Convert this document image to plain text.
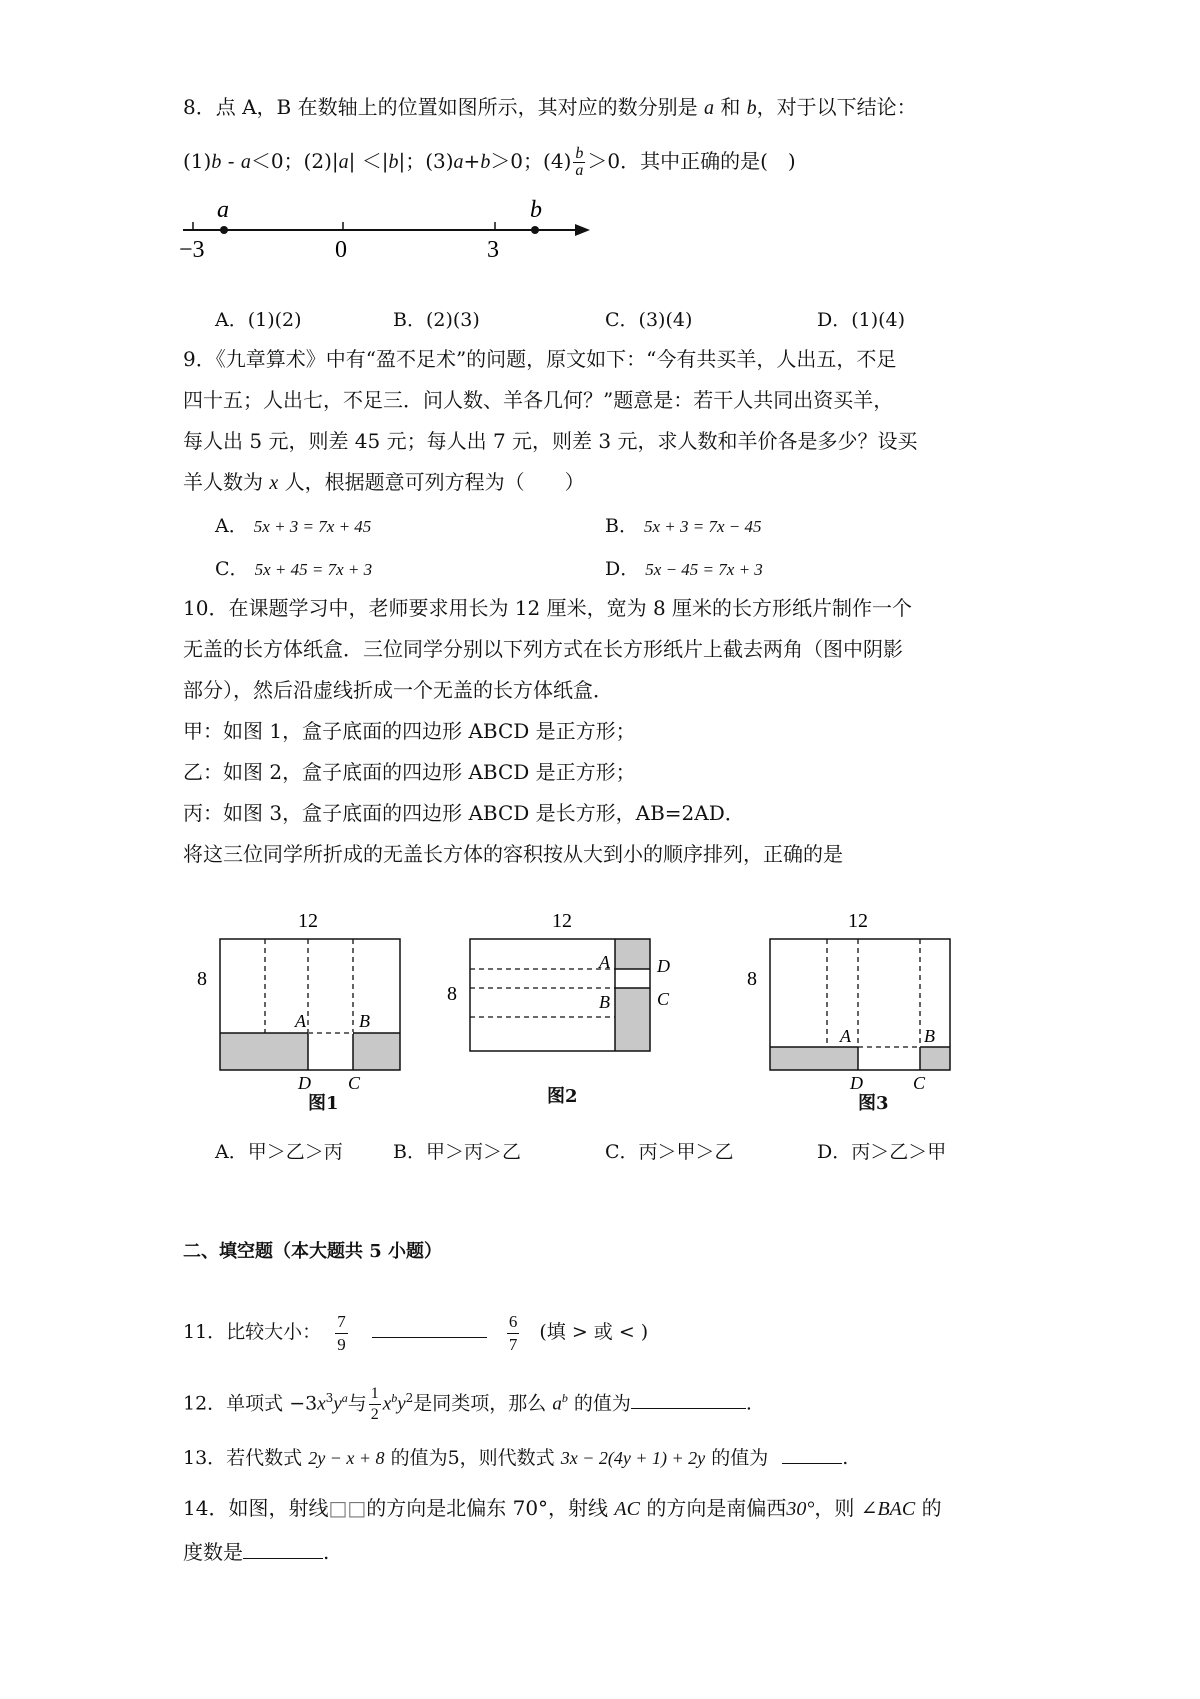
8．点 A，B 在数轴上的位置如图所示，其对应的数分别是 a 和 b，对于以下结论：
(1)b - a＜0；(2)|a| ＜|b|；(3)a+b＞0；$(4) \frac{b}{a} >0$．其中正确的是(　)
a	b
−3	0	3
A．(1)(2)	B．(2)(3)	C．(3)(4)	D．(1)(4)
9．《九章算术》中有“盈不足术”的问题，原文如下：“今有共买羊，人出五，不足
四十五；人出七，不足三．问人数、羊各几何？”题意是：若干人共同出资买羊，
每人出 5 元，则差 45 元；每人出 7 元，则差 3 元，求人数和羊价各是多少？设买
羊人数为 x 人，根据题意可列方程为（　　）
A． 5x + 3 = 7x + 45	B． 5x + 3 = 7x − 45
C． 5x + 45 = 7x + 3	D． 5x − 45 = 7x + 3
10．在课题学习中，老师要求用长为 12 厘米，宽为 8 厘米的长方形纸片制作一个
无盖的长方体纸盒．三位同学分别以下列方式在长方形纸片上截去两角（图中阴影
部分），然后沿虚线折成一个无盖的长方体纸盒．
甲：如图 1，盒子底面的四边形 ABCD 是正方形；
乙：如图 2，盒子底面的四边形 ABCD 是正方形；
丙：如图 3，盒子底面的四边形 ABCD 是长方形，AB=2AD．
将这三位同学所折成的无盖长方体的容积按从大到小的顺序排列，正确的是
12
8
A	B
D C
图1
12
8
A
B
D
C
图2
12
8
A	B
D	C
图3
A．甲＞乙＞丙	B．甲＞丙＞乙	C．丙＞甲＞乙	D．丙＞乙＞甲
二、填空题（本大题共 5 小题）
11．比较大小： $\frac{7}{9}$
	$\frac{6}{7}$ (填 > 或 < )
12．单项式 $-3x^3y^a$与 $\frac{1}{2} x^by^2$是同类项，那么 $a^b$ 的值为	.
13．若代数式 2y − x + 8 的值为5，则代数式 3x − 2(4y + 1) + 2y 的值为	.
14．如图，射线□□的方向是北偏东 70°，射线 AC 的方向是南偏西30°，则 ∠BAC 的
度数是	.
